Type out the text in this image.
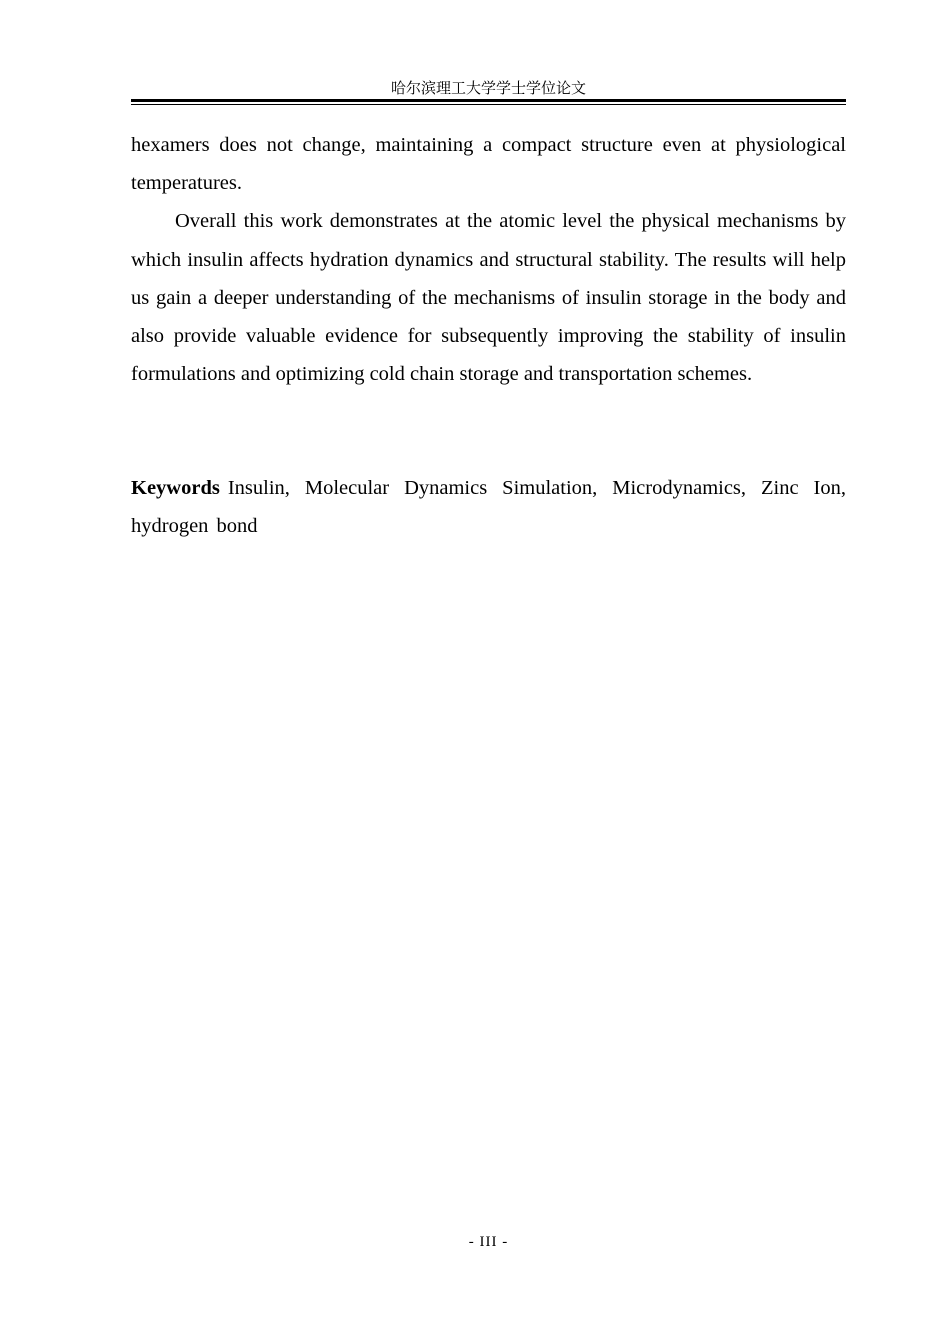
哈尔滨理工大学学士学位论文

hexamers does not change, maintaining a compact structure even at physiological temperatures.

Overall this work demonstrates at the atomic level the physical mechanisms by which insulin affects hydration dynamics and structural stability. The results will help us gain a deeper understanding of the mechanisms of insulin storage in the body and also provide valuable evidence for subsequently improving the stability of insulin formulations and optimizing cold chain storage and transportation schemes.

Keywords Insulin, Molecular Dynamics Simulation, Microdynamics, Zinc Ion, hydrogen bond
- III -
